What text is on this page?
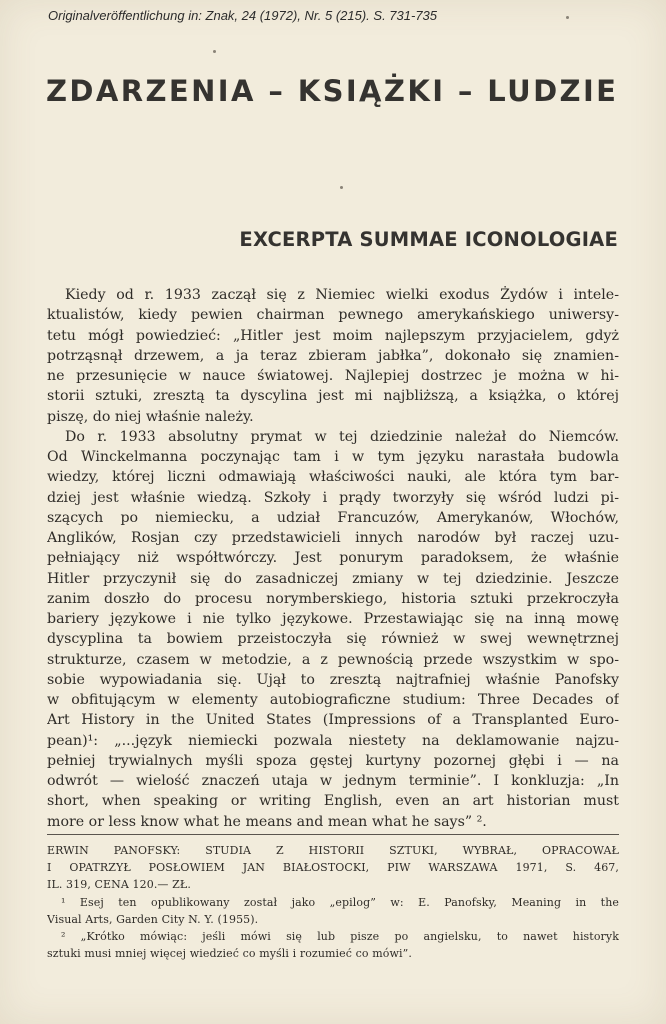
Originalveröffentlichung in: Znak, 24 (1972), Nr. 5 (215). S. 731-735
ZDARZENIA – KSIĄŻKI – LUDZIE
EXCERPTA SUMMAE ICONOLOGIAE
Kiedy od r. 1933 zaczął się z Niemiec wielki exodus Żydów i intele-
ktualistów, kiedy pewien chairman pewnego amerykańskiego uniwersy-
tetu mógł powiedzieć: „Hitler jest moim najlepszym przyjacielem, gdyż
potrząsnął drzewem, a ja teraz zbieram jabłka”, dokonało się znamien-
ne przesunięcie w nauce światowej. Najlepiej dostrzec je można w hi-
storii sztuki, zresztą ta dyscylina jest mi najbliższą, a książka, o której
piszę, do niej właśnie należy.
Do r. 1933 absolutny prymat w tej dziedzinie należał do Niemców.
Od Winckelmanna poczynając tam i w tym języku narastała budowla
wiedzy, której liczni odmawiają właściwości nauki, ale która tym bar-
dziej jest właśnie wiedzą. Szkoły i prądy tworzyły się wśród ludzi pi-
szących po niemiecku, a udział Francuzów, Amerykanów, Włochów,
Anglików, Rosjan czy przedstawicieli innych narodów był raczej uzu-
pełniający niż współtwórczy. Jest ponurym paradoksem, że właśnie
Hitler przyczynił się do zasadniczej zmiany w tej dziedzinie. Jeszcze
zanim doszło do procesu norymberskiego, historia sztuki przekroczyła
bariery językowe i nie tylko językowe. Przestawiając się na inną mowę
dyscyplina ta bowiem przeistoczyła się również w swej wewnętrznej
strukturze, czasem w metodzie, a z pewnością przede wszystkim w spo-
sobie wypowiadania się. Ujął to zresztą najtrafniej właśnie Panofsky
w obfitującym w elementy autobiograficzne studium: Three Decades of
Art History in the United States (Impressions of a Transplanted Euro-
pean)¹: „...język niemiecki pozwala niestety na deklamowanie najzu-
pełniej trywialnych myśli spoza gęstej kurtyny pozornej głębi i — na
odwrót — wielość znaczeń utaja w jednym terminie”. I konkluzja: „In
short, when speaking or writing English, even an art historian must
more or less know what he means and mean what he says” ².
ERWIN PANOFSKY: STUDIA Z HISTORII SZTUKI, WYBRAŁ, OPRACOWAŁ
I OPATRZYŁ POSŁOWIEM JAN BIAŁOSTOCKI, PIW WARSZAWA 1971, S. 467,
IL. 319, CENA 120.— ZŁ.
¹ Esej ten opublikowany został jako „epilog” w: E. Panofsky, Meaning in the
Visual Arts, Garden City N. Y. (1955).
² „Krótko mówiąc: jeśli mówi się lub pisze po angielsku, to nawet historyk
sztuki musi mniej więcej wiedzieć co myśli i rozumieć co mówi”.
